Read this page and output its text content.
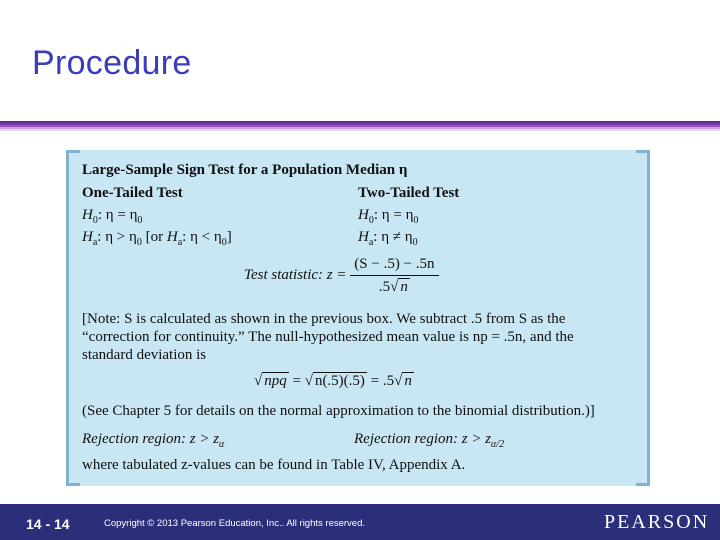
Procedure
Large-Sample Sign Test for a Population Median η
One-Tailed Test	Two-Tailed Test
$H_0$: $\eta = \eta_0$	$H_0$: $\eta = \eta_0$
$H_a$: $\eta > \eta_0$ [or $H_a$: $\eta < \eta_0$]	$H_a$: $\eta \ne \eta_0$
Test statistic: $z = \frac{(S - .5) - .5n}{.5√ n}$
[Note: S is calculated as shown in the previous box. We subtract .5 from S as the
“correction for continuity.” The null-hypothesized mean value is np = .5n, and the
standard deviation is
√ npq = √ n(.5)(.5) = .5√ n
(See Chapter 5 for details on the normal approximation to the binomial distribution.)]
Rejection region: $z > z_\alpha$	Rejection region: $z > z_{\alpha/2}$
where tabulated z-values can be found in Table IV, Appendix A.
14 - 14	Copyright © 2013 Pearson Education, Inc.. All rights reserved.	PEARSON
